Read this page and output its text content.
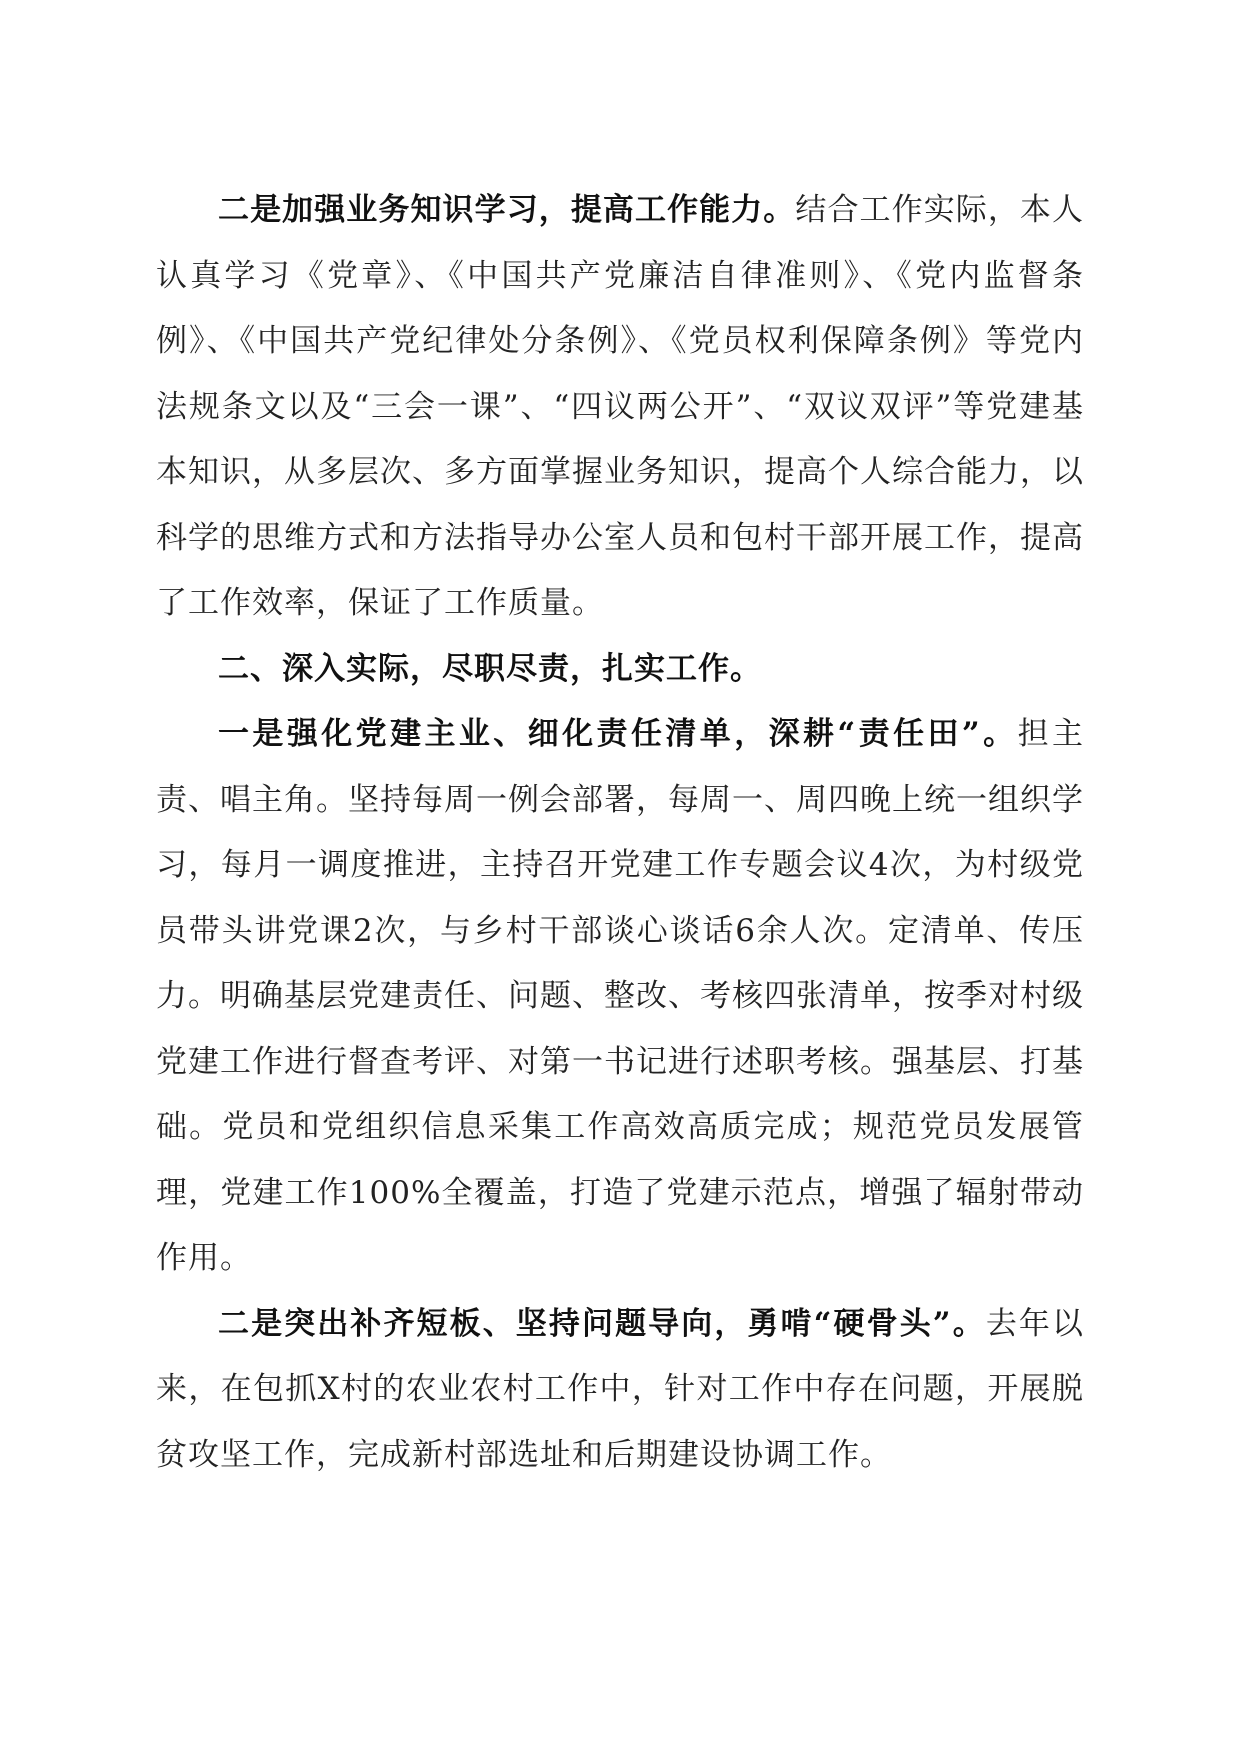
二是加强业务知识学习，提高工作能力。结合工作实际，本人认真学习《党章》、《中国共产党廉洁自律准则》、《党内监督条例》、《中国共产党纪律处分条例》、《党员权利保障条例》等党内法规条文以及“三会一课”、“四议两公开”、“双议双评”等党建基本知识，从多层次、多方面掌握业务知识，提高个人综合能力，以科学的思维方式和方法指导办公室人员和包村干部开展工作，提高了工作效率，保证了工作质量。

二、深入实际，尽职尽责，扎实工作。

一是强化党建主业、细化责任清单，深耕“责任田”。担主责、唱主角。坚持每周一例会部署，每周一、周四晚上统一组织学习，每月一调度推进，主持召开党建工作专题会议4次，为村级党员带头讲党课2次，与乡村干部谈心谈话6余人次。定清单、传压力。明确基层党建责任、问题、整改、考核四张清单，按季对村级党建工作进行督查考评、对第一书记进行述职考核。强基层、打基础。党员和党组织信息采集工作高效高质完成；规范党员发展管理，党建工作100%全覆盖，打造了党建示范点，增强了辐射带动作用。

二是突出补齐短板、坚持问题导向，勇啃“硬骨头”。去年以来，在包抓X村的农业农村工作中，针对工作中存在问题，开展脱贫攻坚工作，完成新村部选址和后期建设协调工作。
